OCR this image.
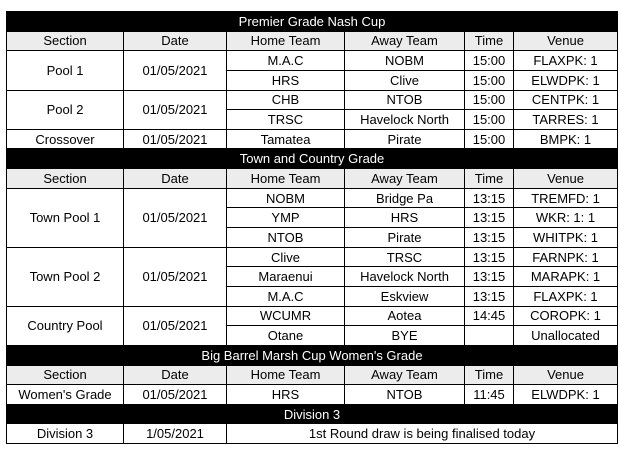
Premier Grade Nash Cup					
Section	Date	Home Team	Away Team	Time	Venue
Pool 1	01/05/2021	M.A.C	NOBM	15:00	FLAXPK: 1
		HRS	Clive	15:00	ELWDPK: 1
Pool 2	01/05/2021	CHB	NTOB	15:00	CENTPK: 1
		TRSC	Havelock North	15:00	TARRES: 1
Crossover	01/05/2021	Tamatea	Pirate	15:00	BMPK: 1
Town and Country Grade					
Section	Date	Home Team	Away Team	Time	Venue
Town Pool 1	01/05/2021	NOBM	Bridge Pa	13:15	TREMFD: 1
		YMP	HRS	13:15	WKR: 1: 1
		NTOB	Pirate	13:15	WHITPK: 1
Town Pool 2	01/05/2021	Clive	TRSC	13:15	FARNPK: 1
		Maraenui	Havelock North	13:15	MARAPK: 1
		M.A.C	Eskview	13:15	FLAXPK: 1
Country Pool	01/05/2021	WCUMR	Aotea	14:45	COROPK: 1
		Otane	BYE		Unallocated
Big Barrel Marsh Cup Women's Grade					
Section	Date	Home Team	Away Team	Time	Venue
Women's Grade	01/05/2021	HRS	NTOB	11:45	ELWDPK: 1
Division 3					
Division 3	1/05/2021	1st Round draw is being finalised today			
